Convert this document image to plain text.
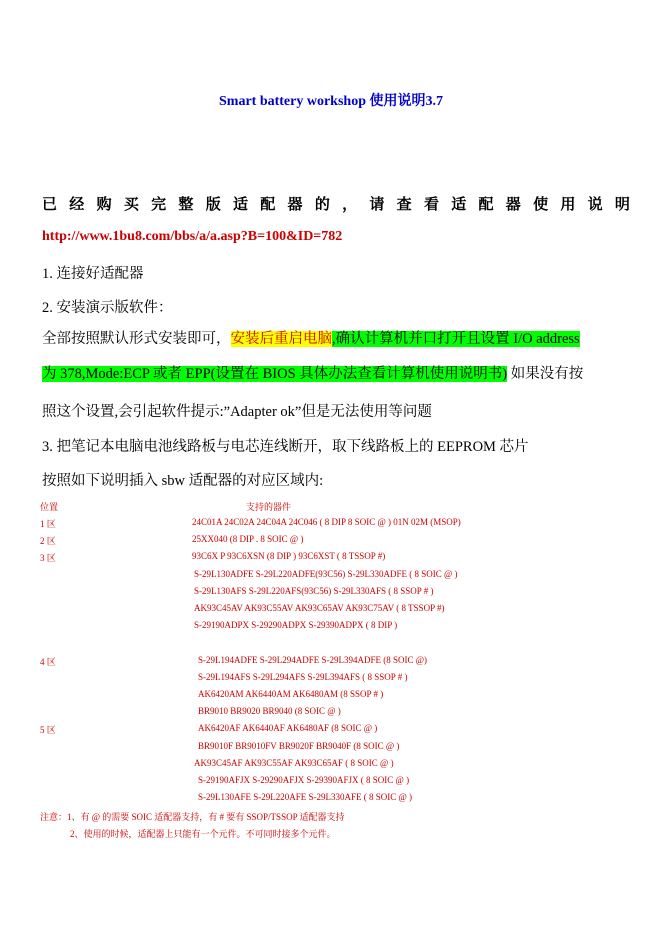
Smart battery workshop 使用说明3.7
已 经 购 买 完 整 版 适 配 器 的 ， 请 查 看 适 配 器 使 用 说 明
http://www.1bu8.com/bbs/a/a.asp?B=100&ID=782
1. 连接好适配器
2. 安装演示版软件：
全部按照默认形式安装即可，安装后重启电脑,确认计算机并口打开且设置 I/O address
为 378,Mode:ECP 或者 EPP(设置在 BIOS 具体办法查看计算机使用说明书) 如果没有按
照这个设置,会引起软件提示:”Adapter ok”但是无法使用等问题
3. 把笔记本电脑电池线路板与电芯连线断开，取下线路板上的 EEPROM 芯片
按照如下说明插入 sbw 适配器的对应区域内:
位置	支持的器件
1 区	24C01A 24C02A 24C04A 24C046 ( 8 DIP 8 SOIC @ ) 01N 02M (MSOP)
2 区	25XX040 (8 DIP . 8 SOIC @ )
3 区	93C6X P 93C6XSN (8 DIP ) 93C6XST ( 8 TSSOP #)
S-29L130ADFE S-29L220ADFE(93C56) S-29L330ADFE ( 8 SOIC @ )
S-29L130AFS S-29L220AFS(93C56) S-29L330AFS ( 8 SSOP # )
AK93C45AV AK93C55AV AK93C65AV AK93C75AV ( 8 TSSOP #)
S-29190ADPX S-29290ADPX S-29390ADPX ( 8 DIP )
4 区	S-29L194ADFE S-29L294ADFE S-29L394ADFE (8 SOIC @)
S-29L194AFS S-29L294AFS S-29L394AFS ( 8 SSOP # )
AK6420AM AK6440AM AK6480AM (8 SSOP # )
BR9010 BR9020 BR9040 (8 SOIC @ )
5 区	AK6420AF AK6440AF AK6480AF (8 SOIC @ )
BR9010F BR9010FV BR9020F BR9040F (8 SOIC @ )
AK93C45AF AK93C55AF AK93C65AF ( 8 SOIC @ )
S-29190AFJX S-29290AFJX S-29390AFJX ( 8 SOIC @ )
S-29L130AFE S-29L220AFE S-29L330AFE ( 8 SOIC @ )
注意：1、有 @ 的需要 SOIC 适配器支持，有 # 要有 SSOP/TSSOP 适配器支持
2、使用的时候，适配器上只能有一个元件。不可同时接多个元件。
